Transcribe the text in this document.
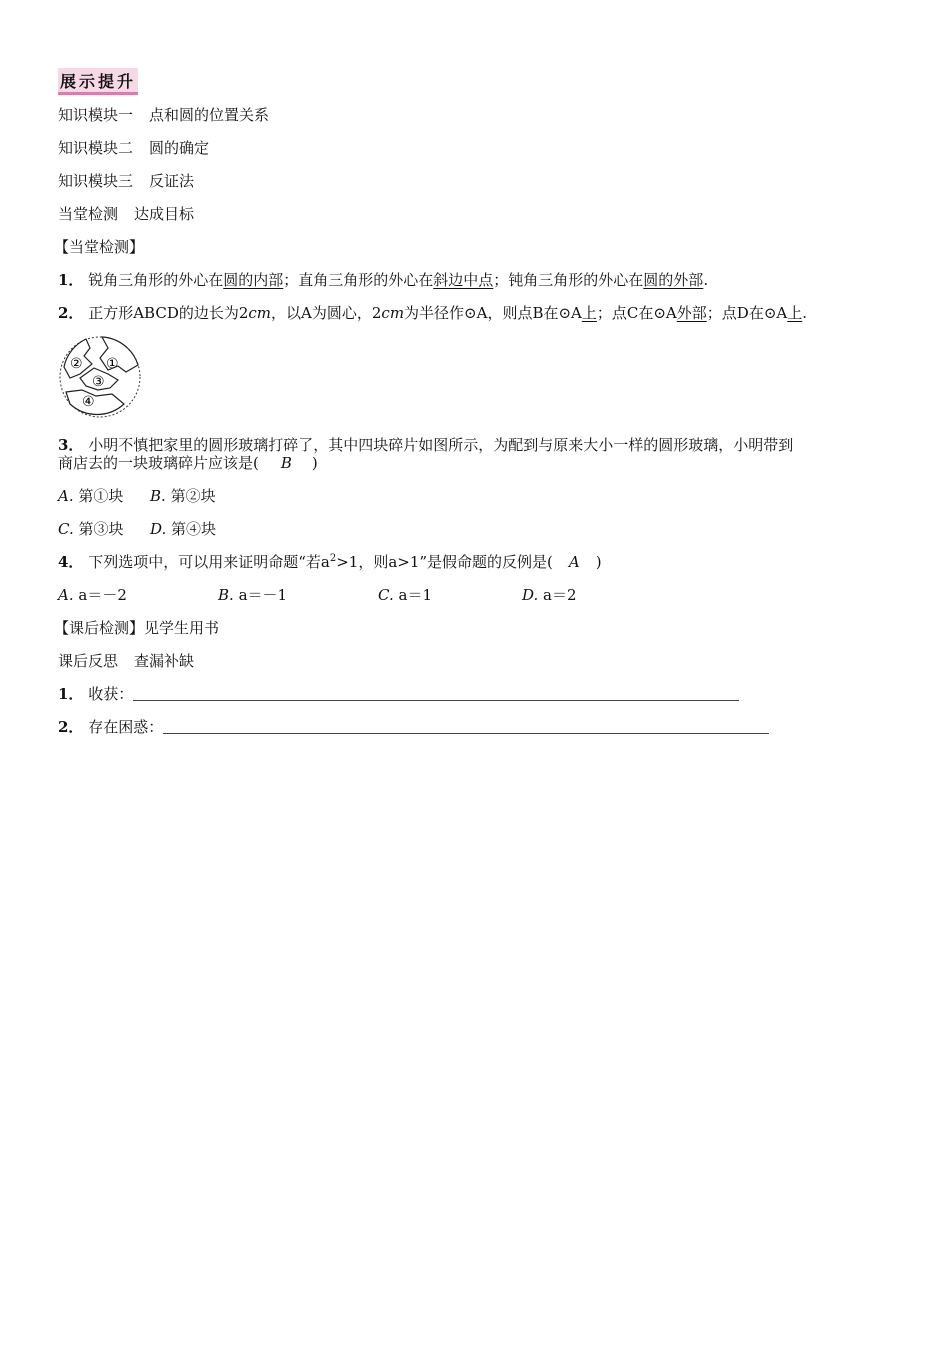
展示提升
知识模块一 点和圆的位置关系
知识模块二 圆的确定
知识模块三 反证法
当堂检测 达成目标
【当堂检测】
1． 锐角三角形的外心在圆的内部；直角三角形的外心在斜边中点；钝角三角形的外心在圆的外部.
2． 正方形ABCD的边长为2cm，以A为圆心，2cm为半径作⊙A，则点B在⊙A上；点C在⊙A外部；点D在⊙A上.
② ①
③
④
3． 小明不慎把家里的圆形玻璃打碎了，其中四块碎片如图所示，为配到与原来大小一样的圆形玻璃，小明带到
商店去的一块玻璃碎片应该是( B )
A. 第①块 B. 第②块
C. 第③块 D. 第④块
4． 下列选项中，可以用来证明命题“若$a^2>1$，则a>1”是假命题的反例是( A )
A. a＝－2	B. a＝－1	C. a＝1	D. a＝2
【课后检测】见学生用书
课后反思 查漏补缺
1． 收获：
2． 存在困惑：
